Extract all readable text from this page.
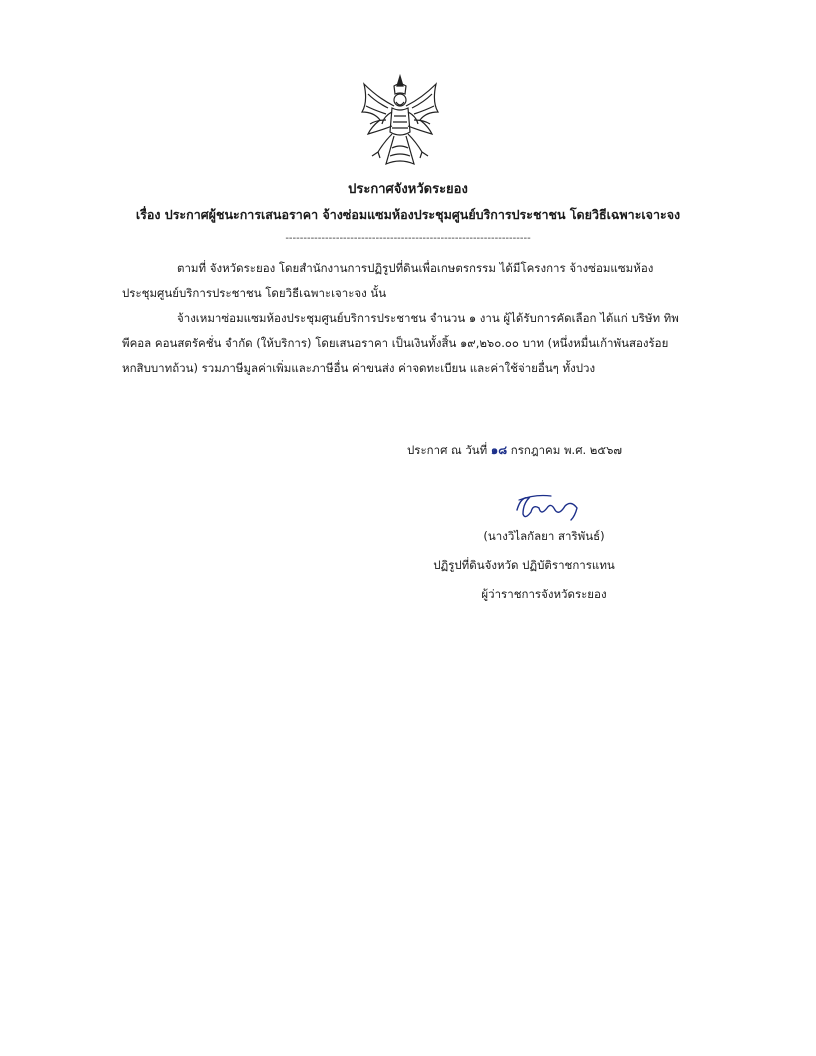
ประกาศจังหวัดระยอง
เรื่อง ประกาศผู้ชนะการเสนอราคา จ้างซ่อมแซมห้องประชุมศูนย์บริการประชาชน โดยวิธีเฉพาะเจาะจง
--------------------------------------------------------------------
ตามที่ จังหวัดระยอง โดยสำนักงานการปฏิรูปที่ดินเพื่อเกษตรกรรม ได้มีโครงการ จ้างซ่อมแซมห้องประชุมศูนย์บริการประชาชน โดยวิธีเฉพาะเจาะจง นั้น
จ้างเหมาซ่อมแซมห้องประชุมศูนย์บริการประชาชน จำนวน ๑ งาน ผู้ได้รับการคัดเลือก ได้แก่ บริษัท ทิพ พีคอล คอนสตรัคชั่น จำกัด (ให้บริการ) โดยเสนอราคา เป็นเงินทั้งสิ้น ๑๙,๒๖๐.๐๐ บาท (หนึ่งหมื่นเก้าพันสองร้อยหกสิบบาทถ้วน) รวมภาษีมูลค่าเพิ่มและภาษีอื่น ค่าขนส่ง ค่าจดทะเบียน และค่าใช้จ่ายอื่นๆ ทั้งปวง
ประกาศ ณ วันที่ ๑๘ กรกฎาคม พ.ศ. ๒๕๖๗
(นางวิไลกัลยา สาริพันธ์)
ปฏิรูปที่ดินจังหวัด ปฏิบัติราชการแทน
ผู้ว่าราชการจังหวัดระยอง
